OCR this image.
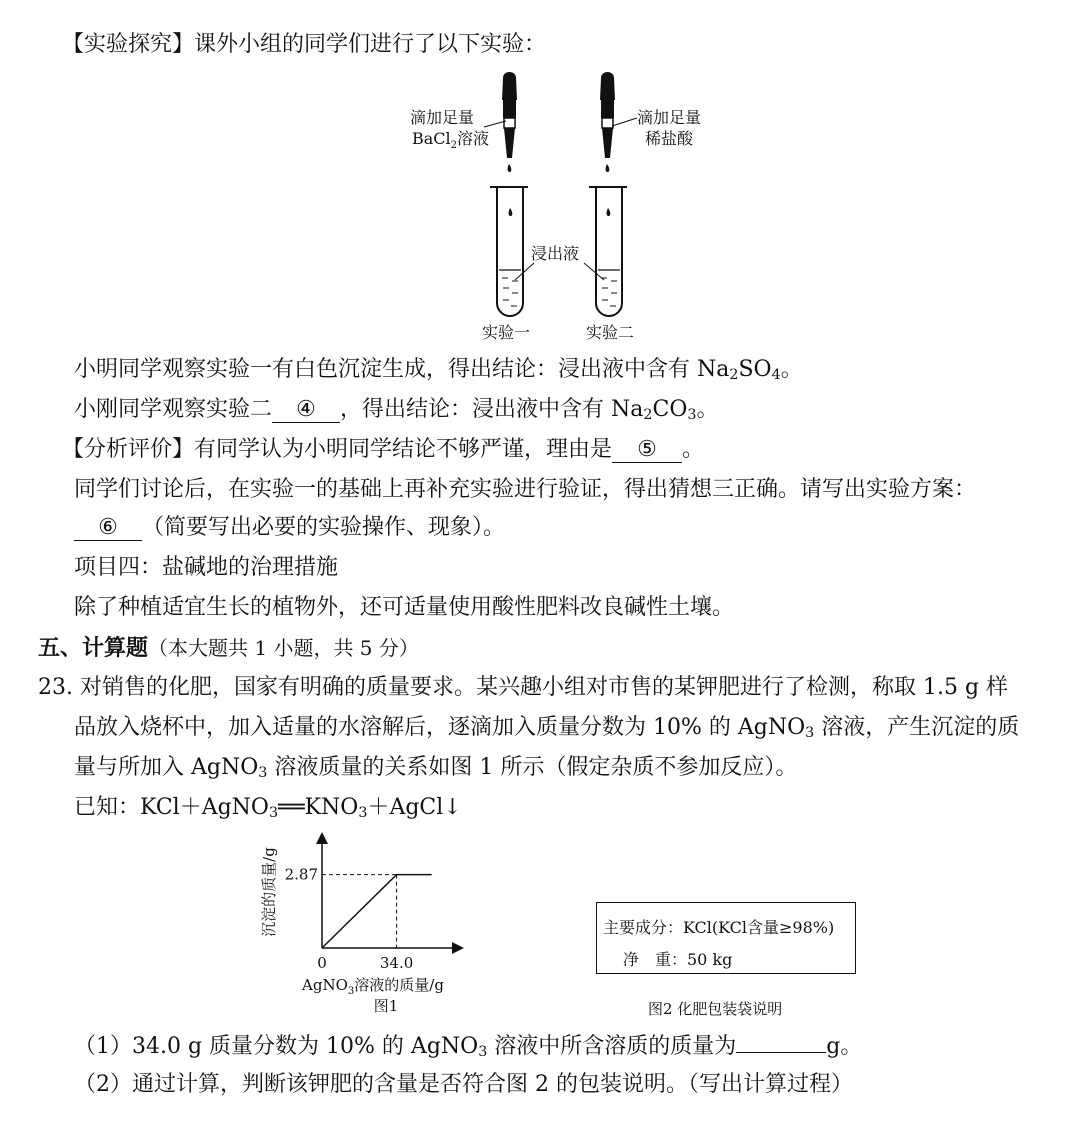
【实验探究】课外小组的同学们进行了以下实验：
滴加足量
BaCl$_2$溶液
滴加足量
稀盐酸
浸出液
实验一	实验二
小明同学观察实验一有白色沉淀生成，得出结论：浸出液中含有 $Na_2SO_4$。
小刚同学观察实验二 ④ ，得出结论：浸出液中含有 $Na_2CO_3$。
【分析评价】有同学认为小明同学结论不够严谨，理由是 ⑤ 。
同学们讨论后，在实验一的基础上再补充实验进行验证，得出猜想三正确。请写出实验方案：
⑥ （简要写出必要的实验操作、现象）。
项目四：盐碱地的治理措施
除了种植适宜生长的植物外，还可适量使用酸性肥料改良碱性土壤。
五、计算题（本大题共 1 小题，共 5 分）
23. 对销售的化肥，国家有明确的质量要求。某兴趣小组对市售的某钾肥进行了检测，称取 1.5 g 样
品放入烧杯中，加入适量的水溶解后，逐滴加入质量分数为 10% 的 AgNO$_3$ 溶液，产生沉淀的质
量与所加入 AgNO$_3$ 溶液质量的关系如图 1 所示（假定杂质不参加反应）。
已知：$KCl+AgNO_3══KNO_3+AgCl↓$
沉淀的质量/g 2.87
0	34.0
AgNO$_3$溶液的质量/g
图1
主要成分：KCl(KCl含量≥98%)
净　重：50 kg
图2 化肥包装袋说明
（1）34.0 g 质量分数为 10% 的 AgNO$_3$ 溶液中所含溶质的质量为	g。
（2）通过计算，判断该钾肥的含量是否符合图 2 的包装说明。（写出计算过程）
